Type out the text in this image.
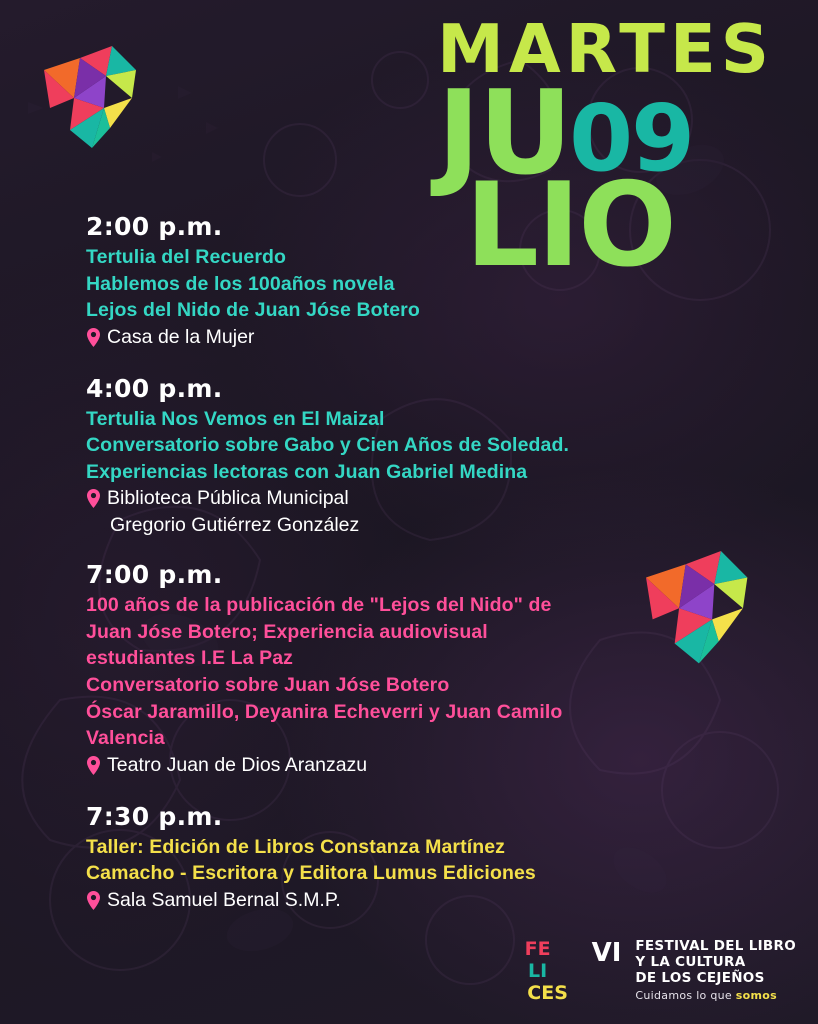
MARTES
JU
09
LIO
2:00 p.m.
Tertulia del Recuerdo
Hablemos de los 100años novela
Lejos del Nido de Juan Jóse Botero
Casa de la Mujer
4:00 p.m.
Tertulia Nos Vemos en El Maizal
Conversatorio sobre Gabo y Cien Años de Soledad.
Experiencias lectoras con Juan Gabriel Medina
Biblioteca Pública Municipal
Gregorio Gutiérrez González
7:00 p.m.
100 años de la publicación de "Lejos del Nido" de
Juan Jóse Botero; Experiencia audiovisual
estudiantes I.E La Paz
Conversatorio sobre Juan Jóse Botero
Óscar Jaramillo, Deyanira Echeverri y Juan Camilo
Valencia
Teatro Juan de Dios Aranzazu
7:30 p.m.
Taller: Edición de Libros Constanza Martínez
Camacho - Escritora y Editora Lumus Ediciones
Sala Samuel Bernal S.M.P.
FE
LI
CES
VI FESTIVAL DEL LIBRO
Y LA CULTURA
DE LOS CEJEÑOS
Cuidamos lo que somos
